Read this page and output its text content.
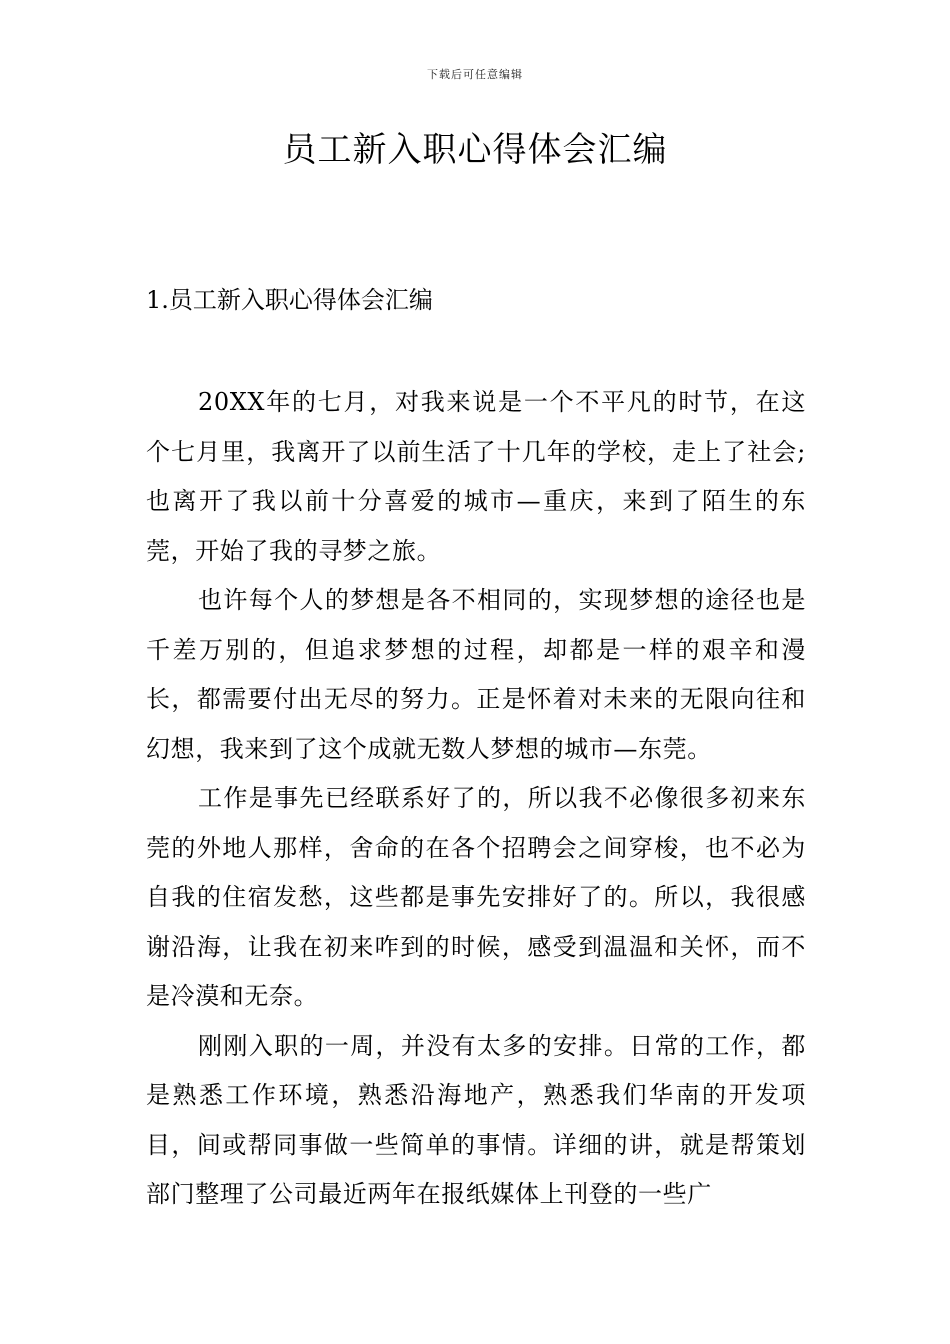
下载后可任意编辑
员工新入职心得体会汇编
1.员工新入职心得体会汇编

20XX年的七月，对我来说是一个不平凡的时节，在这个七月里，我离开了以前生活了十几年的学校，走上了社会;也离开了我以前十分喜爱的城市—重庆，来到了陌生的东莞，开始了我的寻梦之旅。

也许每个人的梦想是各不相同的，实现梦想的途径也是千差万别的，但追求梦想的过程，却都是一样的艰辛和漫长，都需要付出无尽的努力。正是怀着对未来的无限向往和幻想，我来到了这个成就无数人梦想的城市—东莞。

工作是事先已经联系好了的，所以我不必像很多初来东莞的外地人那样，舍命的在各个招聘会之间穿梭，也不必为自我的住宿发愁，这些都是事先安排好了的。所以，我很感谢沿海，让我在初来咋到的时候，感受到温温和关怀，而不是冷漠和无奈。

刚刚入职的一周，并没有太多的安排。日常的工作，都是熟悉工作环境，熟悉沿海地产，熟悉我们华南的开发项目，间或帮同事做一些简单的事情。详细的讲，就是帮策划部门整理了公司最近两年在报纸媒体上刊登的一些广
